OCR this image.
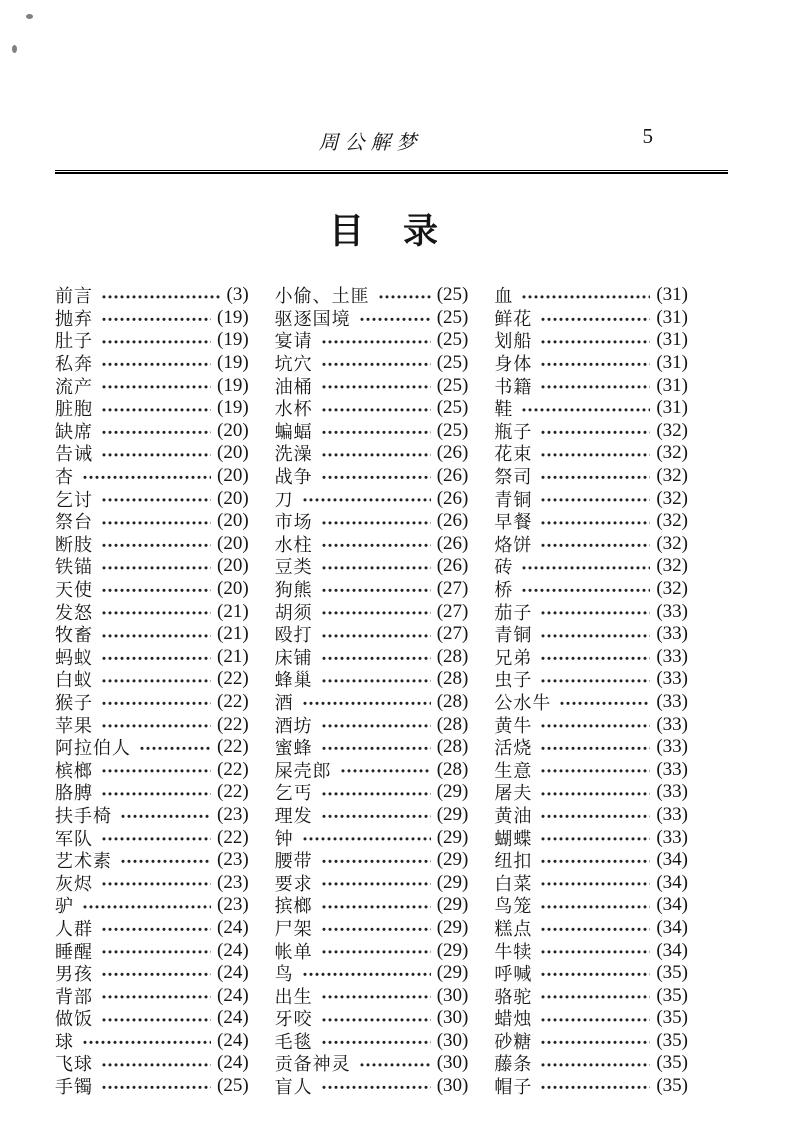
周公解梦	5
目　录
前言	(3)
抛弃	(19)
肚子	(19)
私奔	(19)
流产	(19)
脏胞	(19)
缺席	(20)
告诫	(20)
杏	(20)
乞讨	(20)
祭台	(20)
断肢	(20)
铁锚	(20)
天使	(20)
发怒	(21)
牧畜	(21)
蚂蚁	(21)
白蚁	(22)
猴子	(22)
苹果	(22)
阿拉伯人	(22)
槟榔	(22)
胳膊	(22)
扶手椅	(23)
军队	(22)
艺术素	(23)
灰烬	(23)
驴	(23)
人群	(24)
睡醒	(24)
男孩	(24)
背部	(24)
做饭	(24)
球	(24)
飞球	(24)
手镯	(25)
小偷、土匪	(25)
驱逐国境	(25)
宴请	(25)
坑穴	(25)
油桶	(25)
水杯	(25)
蝙蝠	(25)
洗澡	(26)
战争	(26)
刀	(26)
市场	(26)
水柱	(26)
豆类	(26)
狗熊	(27)
胡须	(27)
殴打	(27)
床铺	(28)
蜂巢	(28)
酒	(28)
酒坊	(28)
蜜蜂	(28)
屎壳郎	(28)
乞丐	(29)
理发	(29)
钟	(29)
腰带	(29)
要求	(29)
摈榔	(29)
尸架	(29)
帐单	(29)
鸟	(29)
出生	(30)
牙咬	(30)
毛毯	(30)
贡备神灵	(30)
盲人	(30)
血	(31)
鲜花	(31)
划船	(31)
身体	(31)
书籍	(31)
鞋	(31)
瓶子	(32)
花束	(32)
祭司	(32)
青铜	(32)
早餐	(32)
烙饼	(32)
砖	(32)
桥	(32)
茄子	(33)
青铜	(33)
兄弟	(33)
虫子	(33)
公水牛	(33)
黄牛	(33)
活烧	(33)
生意	(33)
屠夫	(33)
黄油	(33)
蝴蝶	(33)
纽扣	(34)
白菜	(34)
鸟笼	(34)
糕点	(34)
牛犊	(34)
呼喊	(35)
骆驼	(35)
蜡烛	(35)
砂糖	(35)
藤条	(35)
帽子	(35)
